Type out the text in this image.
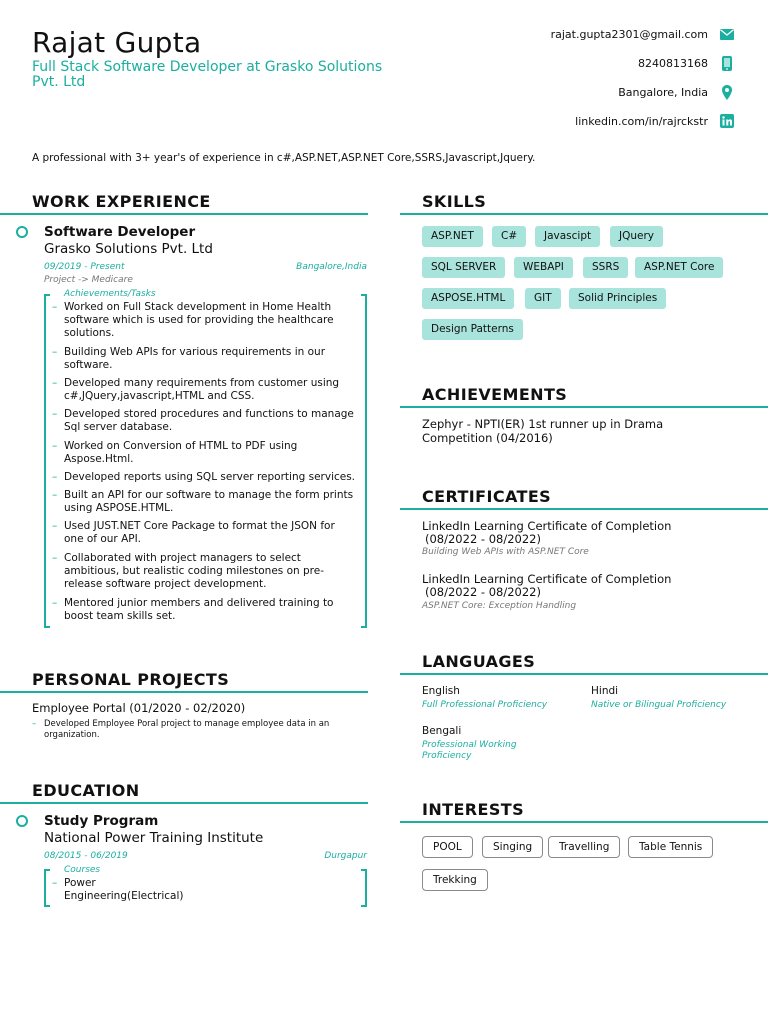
Rajat Gupta
Full Stack Software Developer at Grasko Solutions Pvt. Ltd
rajat.gupta2301@gmail.com
8240813168
Bangalore, India
linkedin.com/in/rajrckstr
A professional with 3+ year's of experience in c#,ASP.NET,ASP.NET Core,SSRS,Javascript,Jquery.
WORK EXPERIENCE
Software Developer
Grasko Solutions Pvt. Ltd
09/2019 - Present	Bangalore,India
Project -> Medicare
Achievements/Tasks
– Worked on Full Stack development in Home Health software which is used for providing the healthcare solutions.
– Building Web APIs for various requirements in our software.
– Developed many requirements from customer using c#,JQuery,javascript,HTML and CSS.
– Developed stored procedures and functions to manage Sql server database.
– Worked on Conversion of HTML to PDF using Aspose.Html.
– Developed reports using SQL server reporting services.
– Built an API for our software to manage the form prints using ASPOSE.HTML.
– Used JUST.NET Core Package to format the JSON for one of our API.
– Collaborated with project managers to select ambitious, but realistic coding milestones on pre-release software project development.
– Mentored junior members and delivered training to boost team skills set.
PERSONAL PROJECTS
Employee Portal (01/2020 - 02/2020)
– Developed Employee Poral project to manage employee data in an organization.
EDUCATION
Study Program
National Power Training Institute
08/2015 - 06/2019	Durgapur
Courses
– Power Engineering(Electrical)
SKILLS
ASP.NET	C#	Javascipt	JQuery
SQL SERVER	WEBAPI	SSRS	ASP.NET Core
ASPOSE.HTML	GIT	Solid Principles
Design Patterns
ACHIEVEMENTS
Zephyr - NPTI(ER) 1st runner up in Drama Competition (04/2016)
CERTIFICATES
LinkedIn Learning Certificate of Completion
(08/2022 - 08/2022)
Building Web APIs with ASP.NET Core
LinkedIn Learning Certificate of Completion
(08/2022 - 08/2022)
ASP.NET Core: Exception Handling
LANGUAGES
English
Full Professional Proficiency
Hindi
Native or Bilingual Proficiency
Bengali
Professional Working Proficiency
INTERESTS
POOL	Singing	Travelling	Table Tennis
Trekking
